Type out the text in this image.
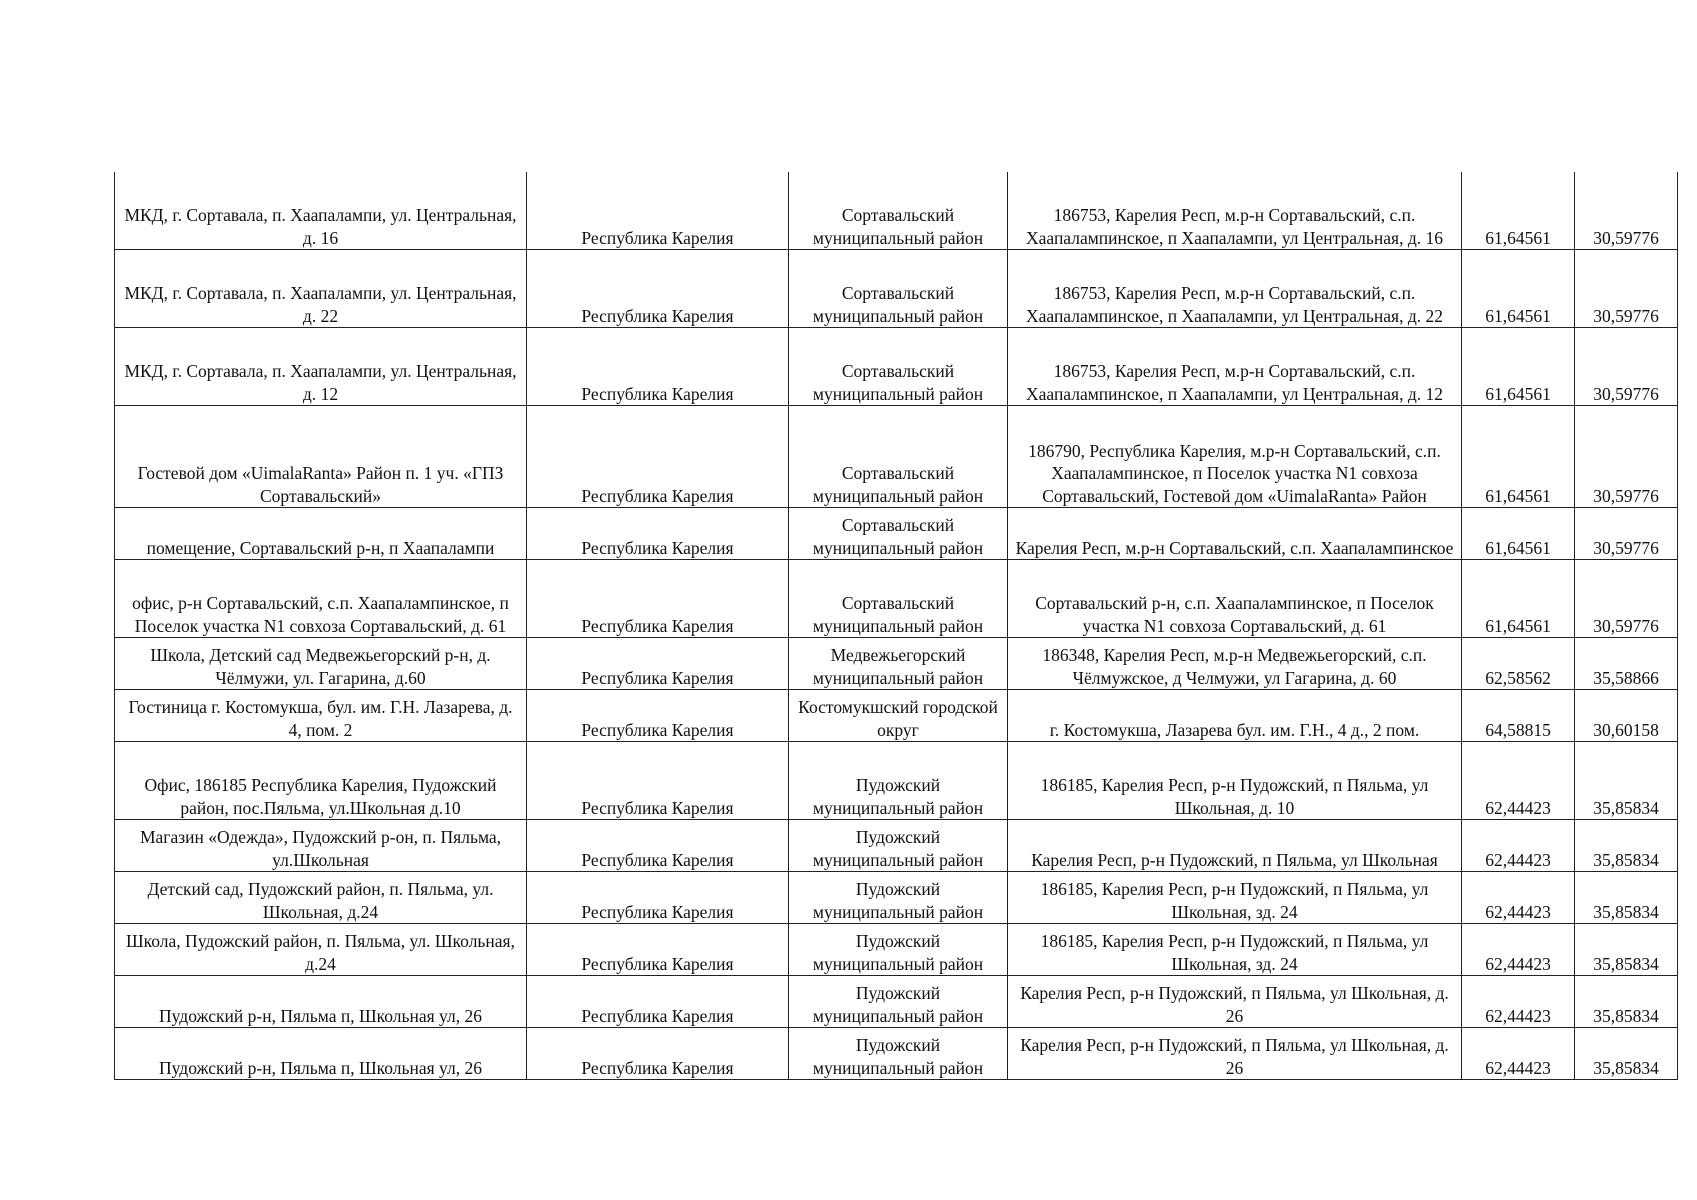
МКД, г. Сортавала, п. Хаапалампи, ул. Центральная, д. 16	Республика Карелия	Сортавальский муниципальный район	186753, Карелия Респ, м.р-н Сортавальский, с.п. Хаапалампинское, п Хаапалампи, ул Центральная, д. 16	61,64561	30,59776
МКД, г. Сортавала, п. Хаапалампи, ул. Центральная, д. 22	Республика Карелия	Сортавальский муниципальный район	186753, Карелия Респ, м.р-н Сортавальский, с.п. Хаапалампинское, п Хаапалампи, ул Центральная, д. 22	61,64561	30,59776
МКД, г. Сортавала, п. Хаапалампи, ул. Центральная, д. 12	Республика Карелия	Сортавальский муниципальный район	186753, Карелия Респ, м.р-н Сортавальский, с.п. Хаапалампинское, п Хаапалампи, ул Центральная, д. 12	61,64561	30,59776
Гостевой дом «UimalaRanta» Район п. 1 уч. «ГПЗ Сортавальский»	Республика Карелия	Сортавальский муниципальный район	186790, Республика Карелия, м.р-н Сортавальский, с.п. Хаапалампинское, п Поселок участка N1 совхоза Сортавальский, Гостевой дом «UimalaRanta» Район	61,64561	30,59776
помещение, Сортавальский р-н, п Хаапалампи	Республика Карелия	Сортавальский муниципальный район	Карелия Респ, м.р-н Сортавальский, с.п. Хаапалампинское	61,64561	30,59776
офис, р-н Сортавальский, с.п. Хаапалампинское, п Поселок участка N1 совхоза Сортавальский, д. 61	Республика Карелия	Сортавальский муниципальный район	Сортавальский р-н, с.п. Хаапалампинское, п Поселок участка N1 совхоза Сортавальский, д. 61	61,64561	30,59776
Школа, Детский сад Медвежьегорский р-н, д. Чёлмужи, ул. Гагарина, д.60	Республика Карелия	Медвежьегорский муниципальный район	186348, Карелия Респ, м.р-н Медвежьегорский, с.п. Чёлмужское, д Челмужи, ул Гагарина, д. 60	62,58562	35,58866
Гостиница г. Костомукша, бул. им. Г.Н. Лазарева, д. 4, пом. 2	Республика Карелия	Костомукшский городской округ	г. Костомукша, Лазарева бул. им. Г.Н., 4 д., 2 пом.	64,58815	30,60158
Офис, 186185 Республика Карелия, Пудожский район, пос.Пяльма, ул.Школьная д.10	Республика Карелия	Пудожский муниципальный район	186185, Карелия Респ, р-н Пудожский, п Пяльма, ул Школьная, д. 10	62,44423	35,85834
Магазин «Одежда», Пудожский р-он, п. Пяльма, ул.Школьная	Республика Карелия	Пудожский муниципальный район	Карелия Респ, р-н Пудожский, п Пяльма, ул Школьная	62,44423	35,85834
Детский сад, Пудожский район, п. Пяльма, ул. Школьная, д.24	Республика Карелия	Пудожский муниципальный район	186185, Карелия Респ, р-н Пудожский, п Пяльма, ул Школьная, зд. 24	62,44423	35,85834
Школа, Пудожский район, п. Пяльма, ул. Школьная, д.24	Республика Карелия	Пудожский муниципальный район	186185, Карелия Респ, р-н Пудожский, п Пяльма, ул Школьная, зд. 24	62,44423	35,85834
Пудожский р-н, Пяльма п, Школьная ул, 26	Республика Карелия	Пудожский муниципальный район	Карелия Респ, р-н Пудожский, п Пяльма, ул Школьная, д. 26	62,44423	35,85834
Пудожский р-н, Пяльма п, Школьная ул, 26	Республика Карелия	Пудожский муниципальный район	Карелия Респ, р-н Пудожский, п Пяльма, ул Школьная, д. 26	62,44423	35,85834
